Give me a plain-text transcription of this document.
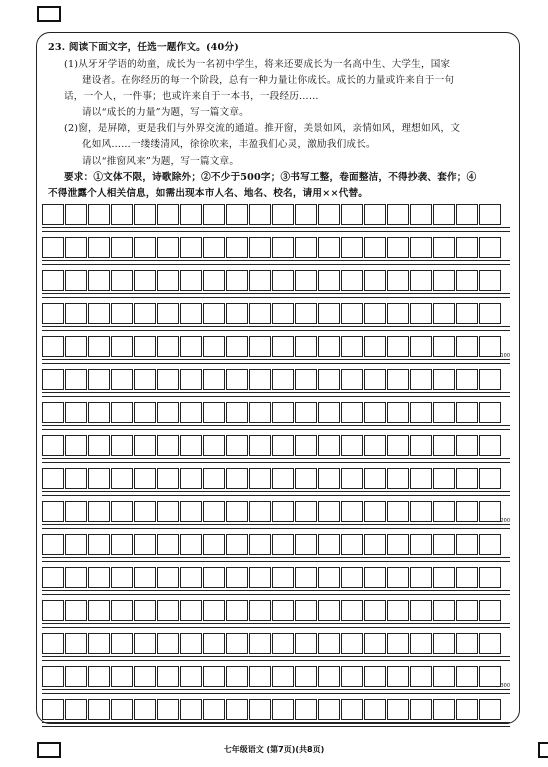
23. 阅读下面文字，任选一题作文。(40分)
(1)从牙牙学语的幼童，成长为一名初中学生，将来还要成长为一名高中生、大学生，国家
建设者。在你经历的每一个阶段，总有一种力量让你成长。成长的力量或许来自于一句
话，一个人，一件事；也或许来自于一本书，一段经历……
请以“成长的力量”为题，写一篇文章。
(2)窗，是屏障，更是我们与外界交流的通道。推开窗，美景如风，亲情如风，理想如风，文
化如风……一缕缕清风，徐徐吹来，丰盈我们心灵，激励我们成长。
请以“推窗风来”为题，写一篇文章。
要求：①文体不限，诗歌除外；②不少于500字；③书写工整，卷面整洁，不得抄袭、套作；④
不得泄露个人相关信息，如需出现本市人名、地名、校名，请用××代替。
100
200
300
七年级语文 (第7页)(共8页)
